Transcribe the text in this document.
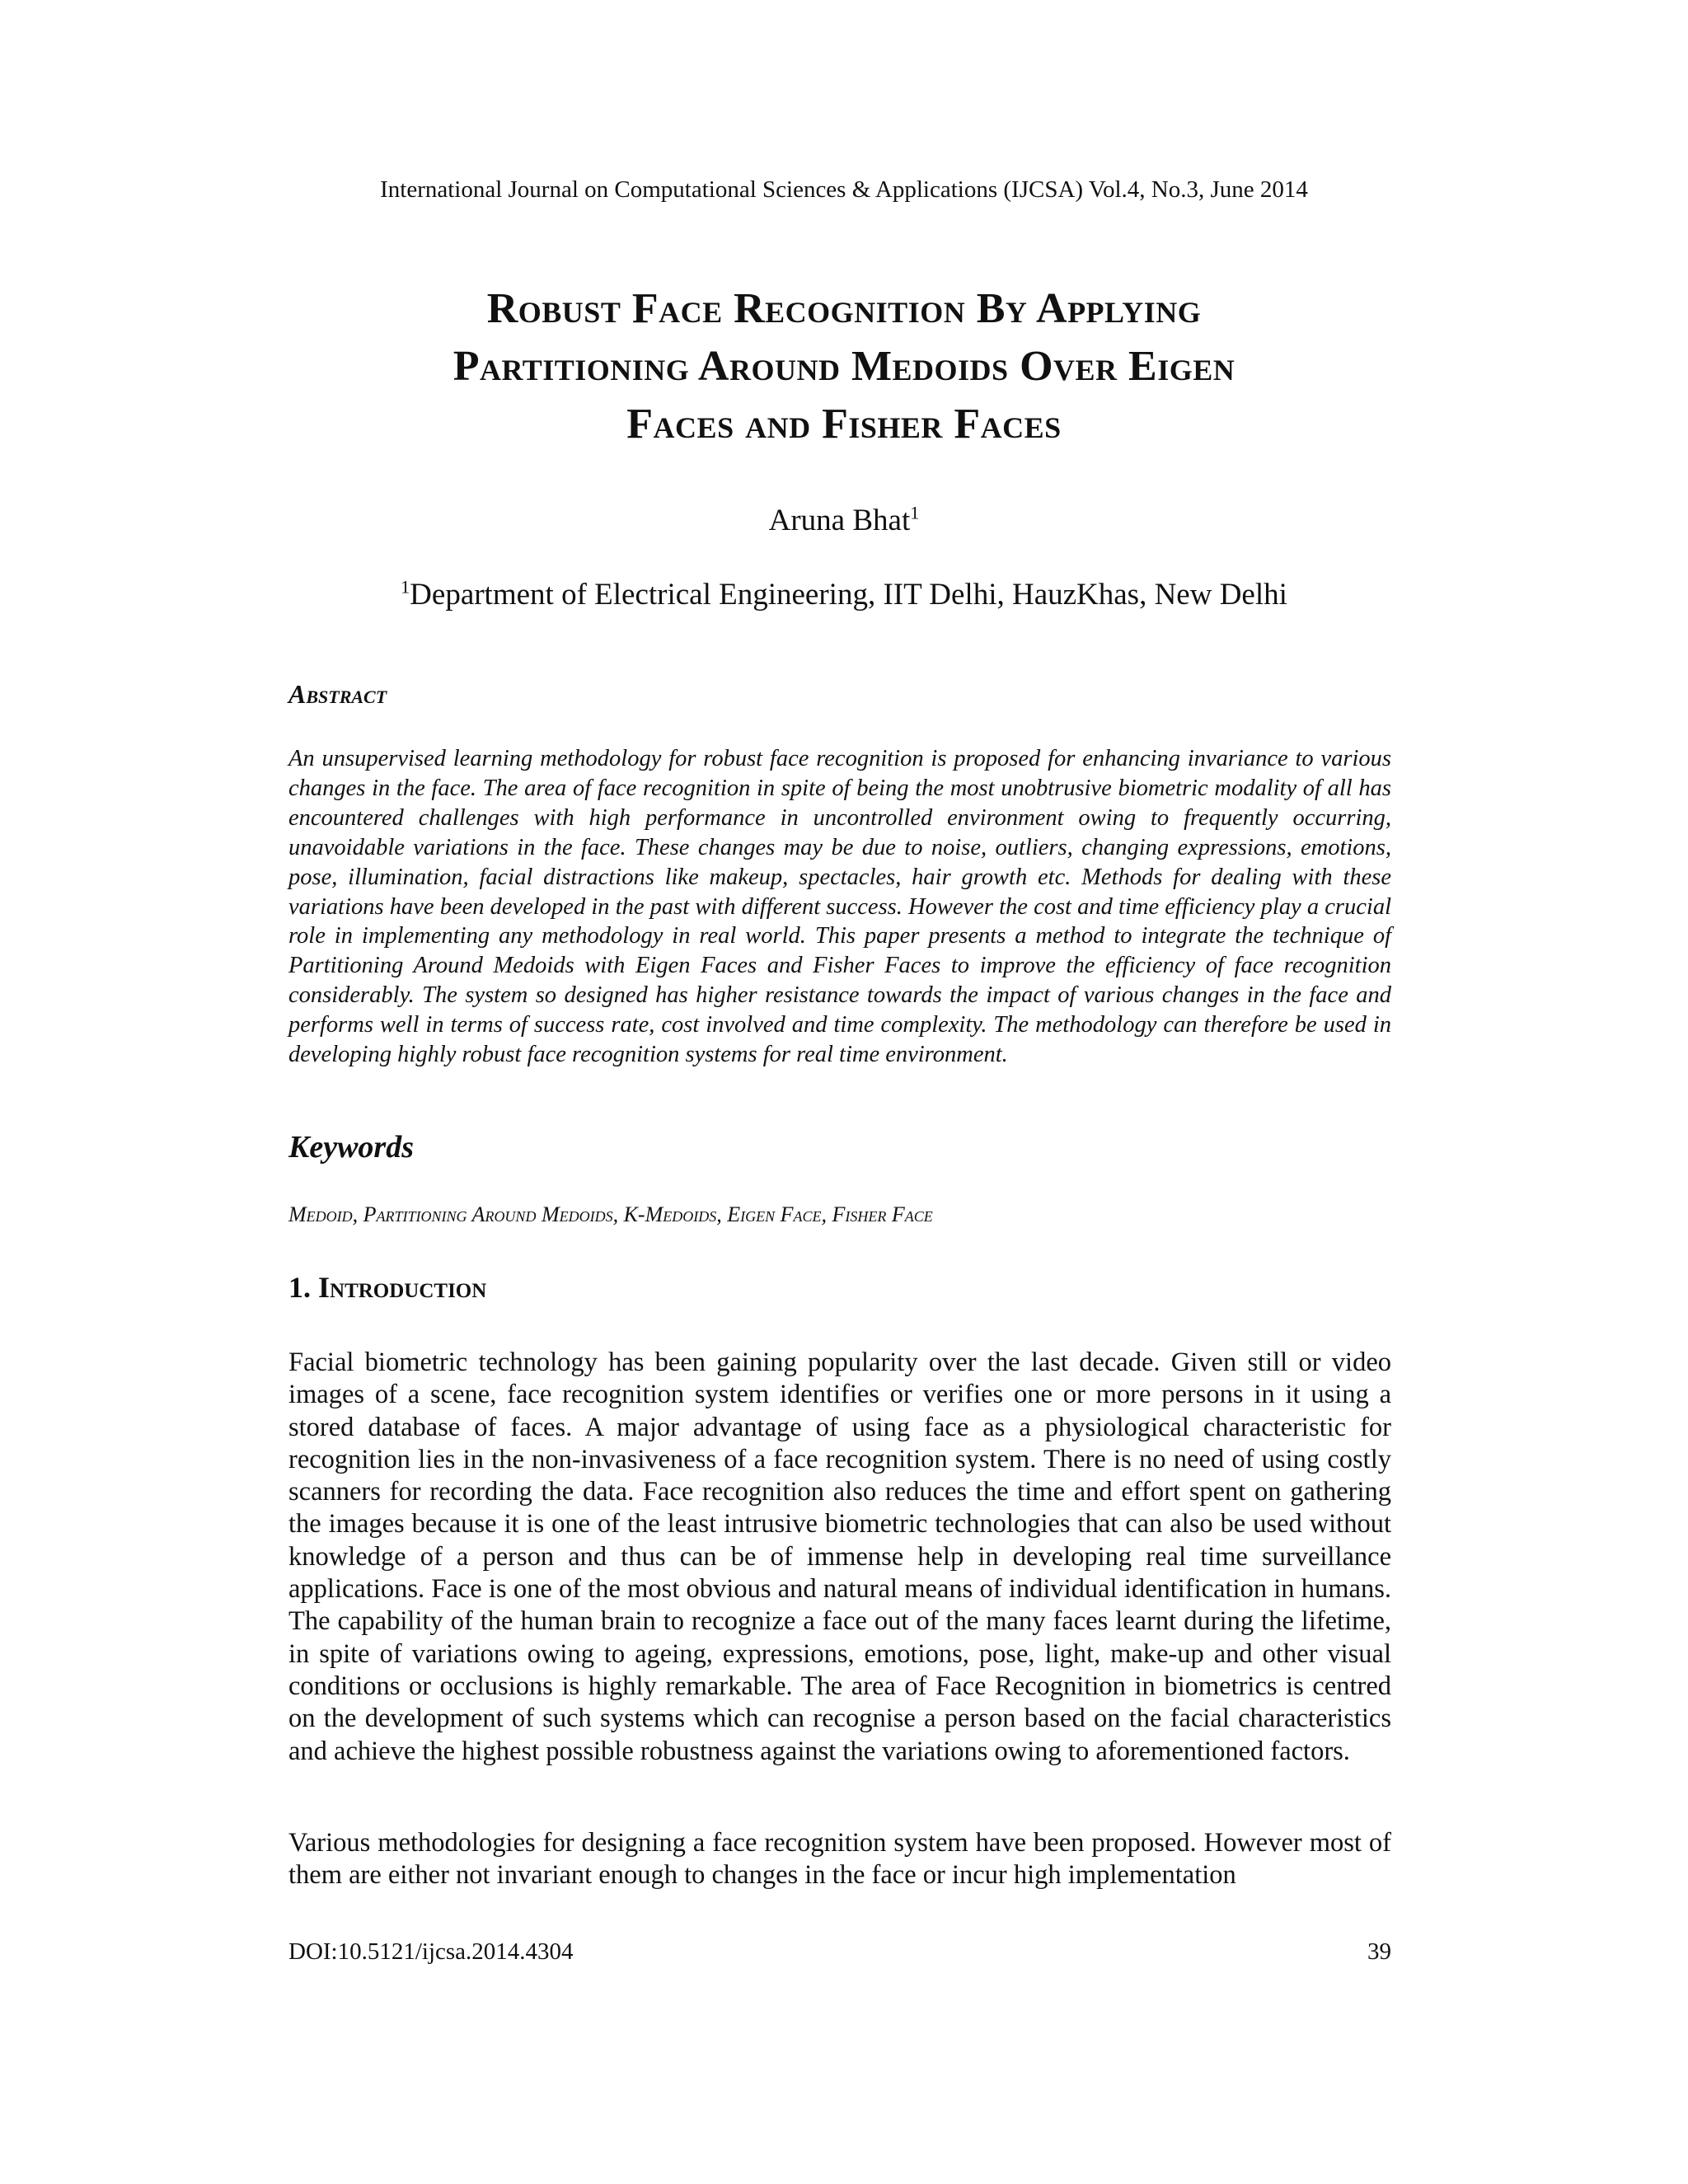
International Journal on Computational Sciences & Applications (IJCSA) Vol.4, No.3, June 2014
Robust Face Recognition By Applying
Partitioning Around Medoids Over Eigen
Faces and Fisher Faces
Aruna Bhat$^1$
$^1$Department of Electrical Engineering, IIT Delhi, HauzKhas, New Delhi
Abstract
An unsupervised learning methodology for robust face recognition is proposed for enhancing invariance to various changes in the face. The area of face recognition in spite of being the most unobtrusive biometric modality of all has encountered challenges with high performance in uncontrolled environment owing to frequently occurring, unavoidable variations in the face. These changes may be due to noise, outliers, changing expressions, emotions, pose, illumination, facial distractions like makeup, spectacles, hair growth etc. Methods for dealing with these variations have been developed in the past with different success. However the cost and time efficiency play a crucial role in implementing any methodology in real world. This paper presents a method to integrate the technique of Partitioning Around Medoids with Eigen Faces and Fisher Faces to improve the efficiency of face recognition considerably. The system so designed has higher resistance towards the impact of various changes in the face and performs well in terms of success rate, cost involved and time complexity. The methodology can therefore be used in developing highly robust face recognition systems for real time environment.
Keywords
Medoid, Partitioning Around Medoids, K-Medoids, Eigen Face, Fisher Face
1. Introduction
Facial biometric technology has been gaining popularity over the last decade. Given still or video images of a scene, face recognition system identifies or verifies one or more persons in it using a stored database of faces. A major advantage of using face as a physiological characteristic for recognition lies in the non-invasiveness of a face recognition system. There is no need of using costly scanners for recording the data. Face recognition also reduces the time and effort spent on gathering the images because it is one of the least intrusive biometric technologies that can also be used without knowledge of a person and thus can be of immense help in developing real time surveillance applications. Face is one of the most obvious and natural means of individual identification in humans. The capability of the human brain to recognize a face out of the many faces learnt during the lifetime, in spite of variations owing to ageing, expressions, emotions, pose, light, make-up and other visual conditions or occlusions is highly remarkable. The area of Face Recognition in biometrics is centred on the development of such systems which can recognise a person based on the facial characteristics and achieve the highest possible robustness against the variations owing to aforementioned factors.
Various methodologies for designing a face recognition system have been proposed. However most of them are either not invariant enough to changes in the face or incur high implementation
DOI:10.5121/ijcsa.2014.4304	39
